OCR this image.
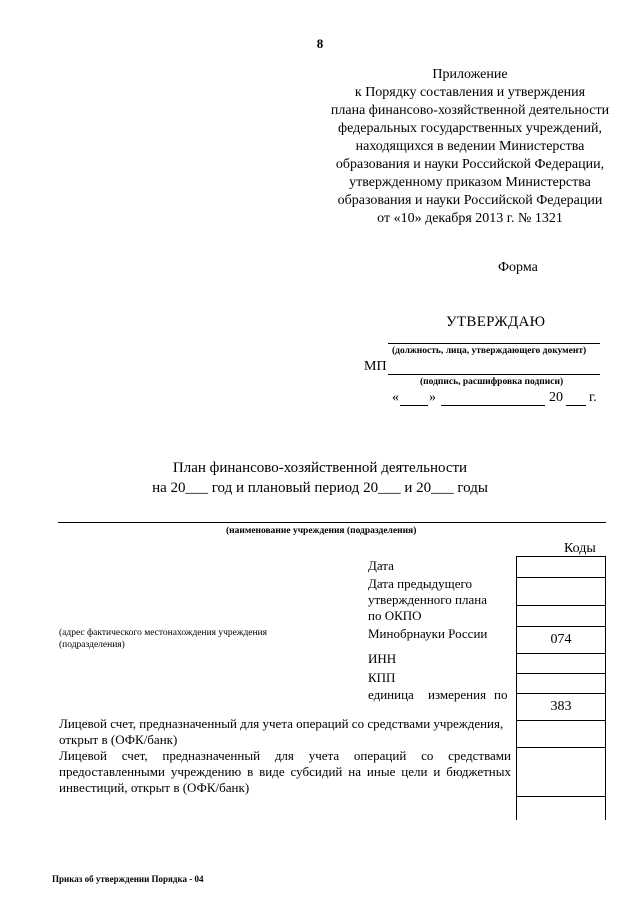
8
Приложение
к Порядку составления и утверждения
плана финансово-хозяйственной деятельности
федеральных государственных учреждений,
находящихся в ведении Министерства
образования и науки Российской Федерации,
утвержденному приказом Министерства
образования и науки Российской Федерации
от «10» декабря 2013 г. № 1321
Форма
УТВЕРЖДАЮ
(должность, лица, утверждающего документ)
МП
(подпись, расшифровка подписи)
« »	20 г.
План финансово-хозяйственной деятельности
на 20___ год и плановый период 20___ и 20___ годы
(наименование учреждения (подразделения)
Коды
Дата
Дата предыдущего
утвержденного плана
по ОКПО
Минобрнауки России
ИНН
КПП
единица измерения по
(адрес фактического местонахождения учреждения
(подразделения)	074
383
Лицевой счет, предназначенный для учета операций со средствами учреждения,
открыт в (ОФК/банк)
Лицевой счет, предназначенный для учета операций со средствами
предоставленными учреждению в виде субсидий на иные цели и бюджетных
инвестиций, открыт в (ОФК/банк)
Приказ об утверждении Порядка - 04
